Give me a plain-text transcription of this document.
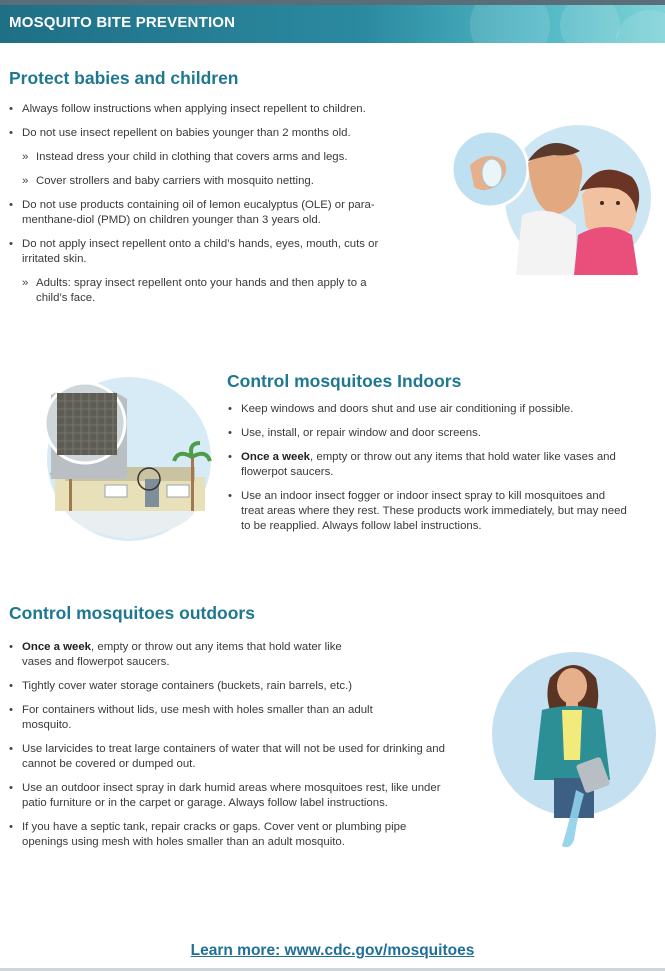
MOSQUITO BITE PREVENTION
Protect babies and children
• Always follow instructions when applying insect repellent to children.
• Do not use insect repellent on babies younger than 2 months old.
» Instead dress your child in clothing that covers arms and legs.
» Cover strollers and baby carriers with mosquito netting.
• Do not use products containing oil of lemon eucalyptus (OLE) or para-menthane-diol (PMD) on children younger than 3 years old.
• Do not apply insect repellent onto a child’s hands, eyes, mouth, cuts or irritated skin.
» Adults: spray insect repellent onto your hands and then apply to a child’s face.
Control mosquitoes Indoors
• Keep windows and doors shut and use air conditioning if possible.
• Use, install, or repair window and door screens.
• Once a week, empty or throw out any items that hold water like vases and flowerpot saucers.
• Use an indoor insect fogger or indoor insect spray to kill mosquitoes and treat areas where they rest. These products work immediately, but may need to be reapplied. Always follow label instructions.
Control mosquitoes outdoors
• Once a week, empty or throw out any items that hold water like vases and flowerpot saucers.
• Tightly cover water storage containers (buckets, rain barrels, etc.)
• For containers without lids, use mesh with holes smaller than an adult mosquito.
• Use larvicides to treat large containers of water that will not be used for drinking and cannot be covered or dumped out.
• Use an outdoor insect spray in dark humid areas where mosquitoes rest, like under patio furniture or in the carpet or garage. Always follow label instructions.
• If you have a septic tank, repair cracks or gaps. Cover vent or plumbing pipe openings using mesh with holes smaller than an adult mosquito.
Learn more: www.cdc.gov/mosquitoes
